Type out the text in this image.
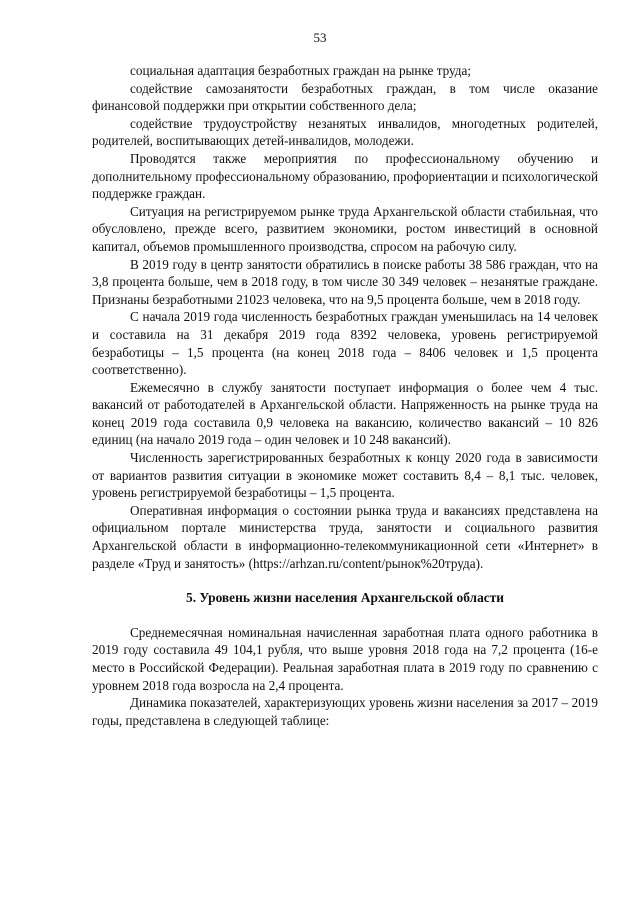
53

социальная адаптация безработных граждан на рынке труда;

содействие самозанятости безработных граждан, в том числе оказание финансовой поддержки при открытии собственного дела;

содействие трудоустройству незанятых инвалидов, многодетных родителей, родителей, воспитывающих детей-инвалидов, молодежи.

Проводятся также мероприятия по профессиональному обучению и дополнительному профессиональному образованию, профориентации и психологической поддержке граждан.

Ситуация на регистрируемом рынке труда Архангельской области стабильная, что обусловлено, прежде всего, развитием экономики, ростом инвестиций в основной капитал, объемов промышленного производства, спросом на рабочую силу.

В 2019 году в центр занятости обратились в поиске работы 38 586 граждан, что на 3,8 процента больше, чем в 2018 году, в том числе 30 349 человек – незанятые граждане. Признаны безработными 21023 человека, что на 9,5 процента больше, чем в 2018 году.

С начала 2019 года численность безработных граждан уменьшилась на 14 человек и составила на 31 декабря 2019 года 8392 человека, уровень регистрируемой безработицы – 1,5 процента (на конец 2018 года – 8406 человек и 1,5 процента соответственно).

Ежемесячно в службу занятости поступает информация о более чем 4 тыс. вакансий от работодателей в Архангельской области. Напряженность на рынке труда на конец 2019 года составила 0,9 человека на вакансию, количество вакансий – 10 826 единиц (на начало 2019 года – один человек и 10 248 вакансий).

Численность зарегистрированных безработных к концу 2020 года в зависимости от вариантов развития ситуации в экономике может составить 8,4 – 8,1 тыс. человек, уровень регистрируемой безработицы – 1,5 процента.

Оперативная информация о состоянии рынка труда и вакансиях представлена на официальном портале министерства труда, занятости и социального развития Архангельской области в информационно-телекоммуникационной сети «Интернет» в разделе «Труд и занятость» (https://arhzan.ru/content/рынок%20труда).

5. Уровень жизни населения Архангельской области

Среднемесячная номинальная начисленная заработная плата одного работника в 2019 году составила 49 104,1 рубля, что выше уровня 2018 года на 7,2 процента (16-е место в Российской Федерации). Реальная заработная плата в 2019 году по сравнению с уровнем 2018 года возросла на 2,4 процента.

Динамика показателей, характеризующих уровень жизни населения за 2017 – 2019 годы, представлена в следующей таблице:
